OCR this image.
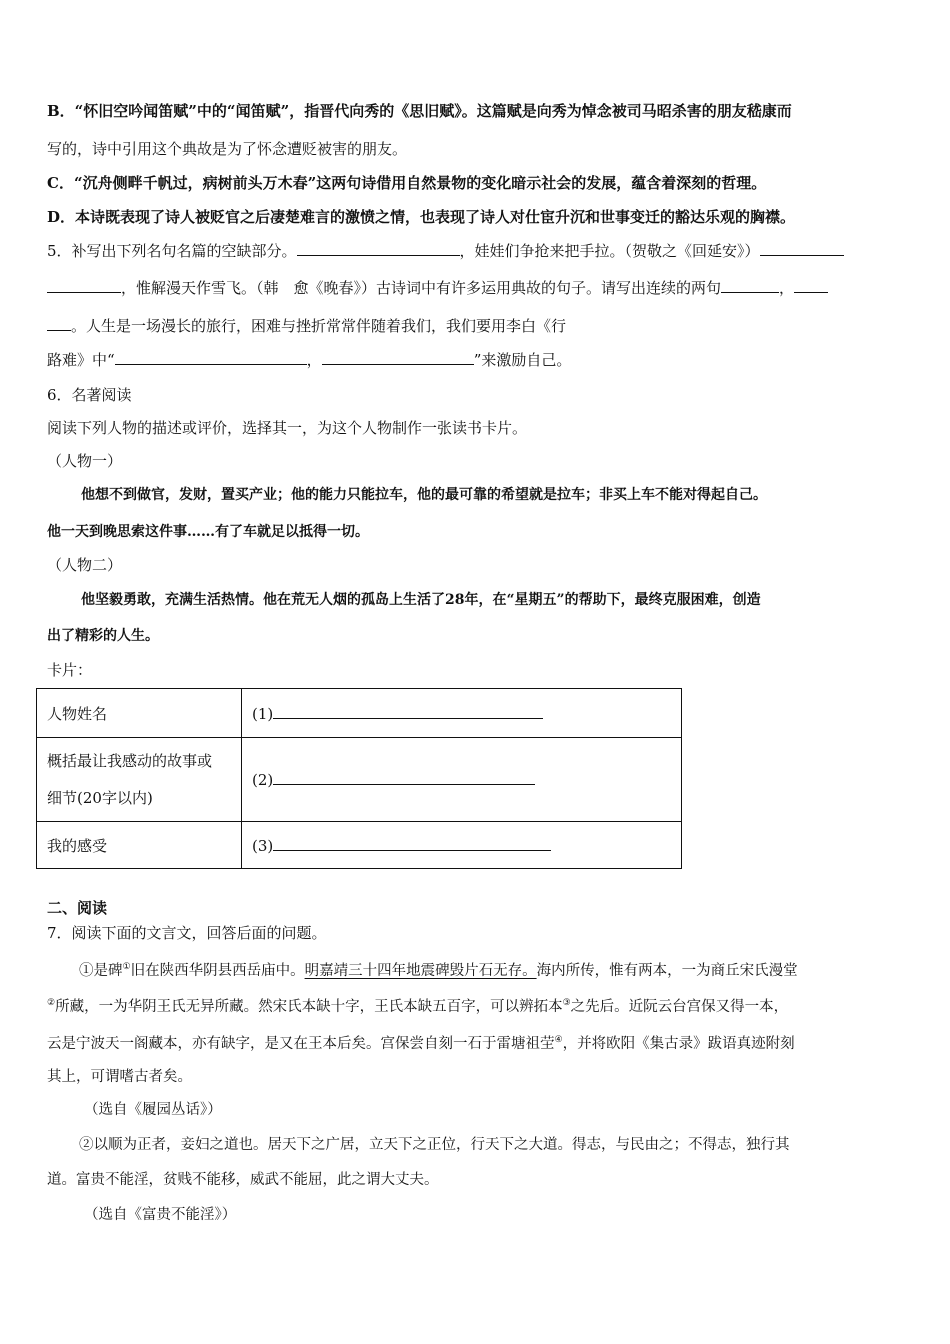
B．“怀旧空吟闻笛赋”中的“闻笛赋”，指晋代向秀的《思旧赋》。这篇赋是向秀为悼念被司马昭杀害的朋友嵇康而
写的，诗中引用这个典故是为了怀念遭贬被害的朋友。
C．“沉舟侧畔千帆过，病树前头万木春”这两句诗借用自然景物的变化暗示社会的发展，蕴含着深刻的哲理。
D．本诗既表现了诗人被贬官之后凄楚难言的激愤之情，也表现了诗人对仕宦升沉和世事变迁的豁达乐观的胸襟。
5．补写出下列名句名篇的空缺部分。	，娃娃们争抢来把手拉。（贺敬之《回延安》）
，惟解漫天作雪飞。（韩　愈《晚春》）古诗词中有许多运用典故的句子。请写出连续的两句	，
。人生是一场漫长的旅行，困难与挫折常常伴随着我们，我们要用李白《行
路难》中“	，	”来激励自己。
6．名著阅读
阅读下列人物的描述或评价，选择其一，为这个人物制作一张读书卡片。
（人物一）
他想不到做官，发财，置买产业；他的能力只能拉车，他的最可靠的希望就是拉车；非买上车不能对得起自己。
他一天到晚思索这件事……有了车就足以抵得一切。
（人物二）
他坚毅勇敢，充满生活热情。他在荒无人烟的孤岛上生活了28年，在“星期五”的帮助下，最终克服困难，创造
出了精彩的人生。
卡片：
人物姓名	(1)
概括最让我感动的故事或
细节(20字以内)	(2)
我的感受	(3)
二、阅读
7．阅读下面的文言文，回答后面的问题。
①是碑①旧在陕西华阴县西岳庙中。明嘉靖三十四年地震碑毁片石无存。海内所传，惟有两本，一为商丘宋氏漫堂
②所藏，一为华阴王氏无异所藏。然宋氏本缺十字，王氏本缺五百字，可以辨拓本③之先后。近阮云台宫保又得一本，
云是宁波天一阁藏本，亦有缺字，是又在王本后矣。宫保尝自刻一石于雷塘祖茔④，并将欧阳《集古录》跋语真迹附刻
其上，可谓嗜古者矣。
（选自《履园丛话》）
②以顺为正者，妾妇之道也。居天下之广居，立天下之正位，行天下之大道。得志，与民由之；不得志，独行其
道。富贵不能淫，贫贱不能移，威武不能屈，此之谓大丈夫。
（选自《富贵不能淫》）
